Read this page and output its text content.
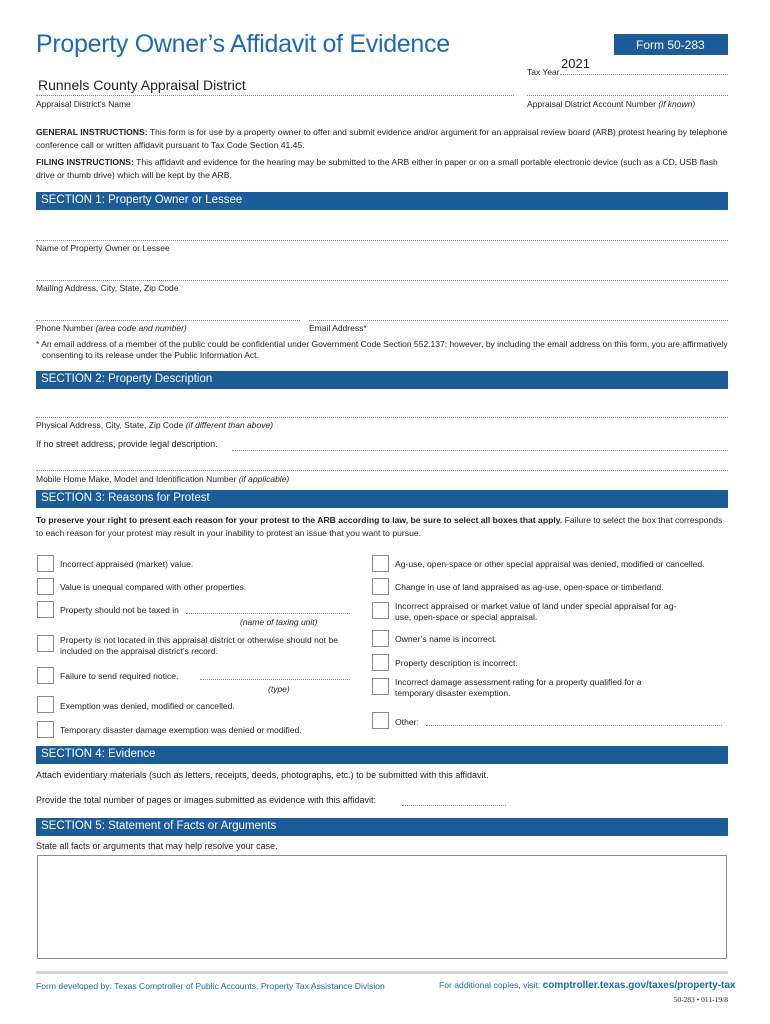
Property Owner’s Affidavit of Evidence	Form 50-283
Tax Year
2021
Runnels County Appraisal District
Appraisal District’s Name	Appraisal District Account Number (if known)
GENERAL INSTRUCTIONS: This form is for use by a property owner to offer and submit evidence and/or argument for an appraisal review board (ARB) protest hearing by telephone conference call or written affidavit pursuant to Tax Code Section 41.45.
FILING INSTRUCTIONS: This affidavit and evidence for the hearing may be submitted to the ARB either in paper or on a small portable electronic device (such as a CD, USB flash drive or thumb drive) which will be kept by the ARB.
SECTION 1: Property Owner or Lessee
Name of Property Owner or Lessee
Mailing Address, City, State, Zip Code
Phone Number (area code and number)	Email Address*
* An email address of a member of the public could be confidential under Government Code Section 552.137; however, by including the email address on this form, you are affirmatively
consenting to its release under the Public Information Act.
SECTION 2: Property Description
Physical Address, City, State, Zip Code (if different than above)
If no street address, provide legal description.
Mobile Home Make, Model and Identification Number (if applicable)
SECTION 3: Reasons for Protest
To preserve your right to present each reason for your protest to the ARB according to law, be sure to select all boxes that apply. Failure to select the box that corresponds to each reason for your protest may result in your inability to protest an issue that you want to pursue.
Incorrect appraised (market) value.
Value is unequal compared with other properties.
Property should not be taxed in
(name of taxing unit)
Property is not located in this appraisal district or otherwise should not be included on the appraisal district’s record.
Failure to send required notice.
(type)
Exemption was denied, modified or cancelled.
Temporary disaster damage exemption was denied or modified.
Ag-use, open-space or other special appraisal was denied, modified or cancelled.
Change in use of land appraised as ag-use, open-space or timberland.
Incorrect appraised or market value of land under special appraisal for ag-use, open-space or special appraisal.
Owner’s name is incorrect.
Property description is incorrect.
Incorrect damage assessment rating for a property qualified for a temporary disaster exemption.
Other:
SECTION 4: Evidence
Attach evidentiary materials (such as letters, receipts, deeds, photographs, etc.) to be submitted with this affidavit.
Provide the total number of pages or images submitted as evidence with this affidavit:
SECTION 5: Statement of Facts or Arguments
State all facts or arguments that may help resolve your case.
Form developed by: Texas Comptroller of Public Accounts, Property Tax Assistance Division	For additional copies, visit: comptroller.texas.gov/taxes/property-tax
50-283 • 011-19/8
